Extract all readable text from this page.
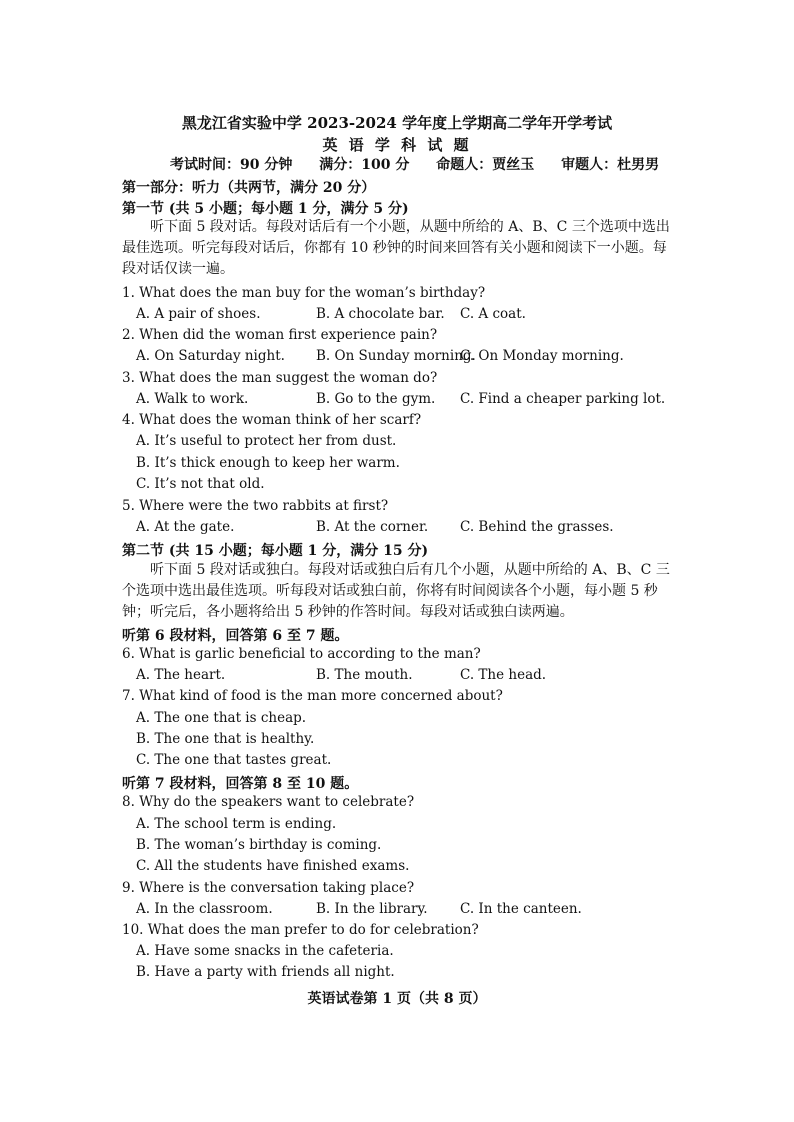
黑龙江省实验中学 2023-2024 学年度上学期高二学年开学考试
英 语 学 科 试 题
考试时间：90 分钟 满分：100 分 命题人：贾丝玉 审题人：杜男男
第一部分：听力（共两节，满分 20 分）
第一节 (共 5 小题；每小题 1 分，满分 5 分)
听下面 5 段对话。每段对话后有一个小题，从题中所给的 A、B、C 三个选项中选出最佳选项。听完每段对话后，你都有 10 秒钟的时间来回答有关小题和阅读下一小题。每段对话仅读一遍。
1. What does the man buy for the woman’s birthday?
A. A pair of shoes.	B. A chocolate bar. C. A coat.
2. When did the woman first experience pain?
A. On Saturday night. B. On Sunday morning.
C. On Monday morning.
3. What does the man suggest the woman do?
A. Walk to work.	B. Go to the gym. C. Find a cheaper parking lot.
4. What does the woman think of her scarf?
A. It’s useful to protect her from dust.
B. It’s thick enough to keep her warm.
C. It’s not that old.
5. Where were the two rabbits at first?
A. At the gate.	B. At the corner. C. Behind the grasses.
第二节 (共 15 小题；每小题 1 分，满分 15 分)
听下面 5 段对话或独白。每段对话或独白后有几个小题，从题中所给的 A、B、C 三个选项中选出最佳选项。听每段对话或独白前，你将有时间阅读各个小题，每小题 5 秒钟；听完后，各小题将给出 5 秒钟的作答时间。每段对话或独白读两遍。
听第 6 段材料，回答第 6 至 7 题。
6. What is garlic beneficial to according to the man?
A. The heart.	B. The mouth.	C. The head.
7. What kind of food is the man more concerned about?
A. The one that is cheap.
B. The one that is healthy.
C. The one that tastes great.
听第 7 段材料，回答第 8 至 10 题。
8. Why do the speakers want to celebrate?
A. The school term is ending.
B. The woman’s birthday is coming.
C. All the students have finished exams.
9. Where is the conversation taking place?
A. In the classroom.	B. In the library. C. In the canteen.
10. What does the man prefer to do for celebration?
A. Have some snacks in the cafeteria.
B. Have a party with friends all night.
英语试卷第 1 页（共 8 页）
